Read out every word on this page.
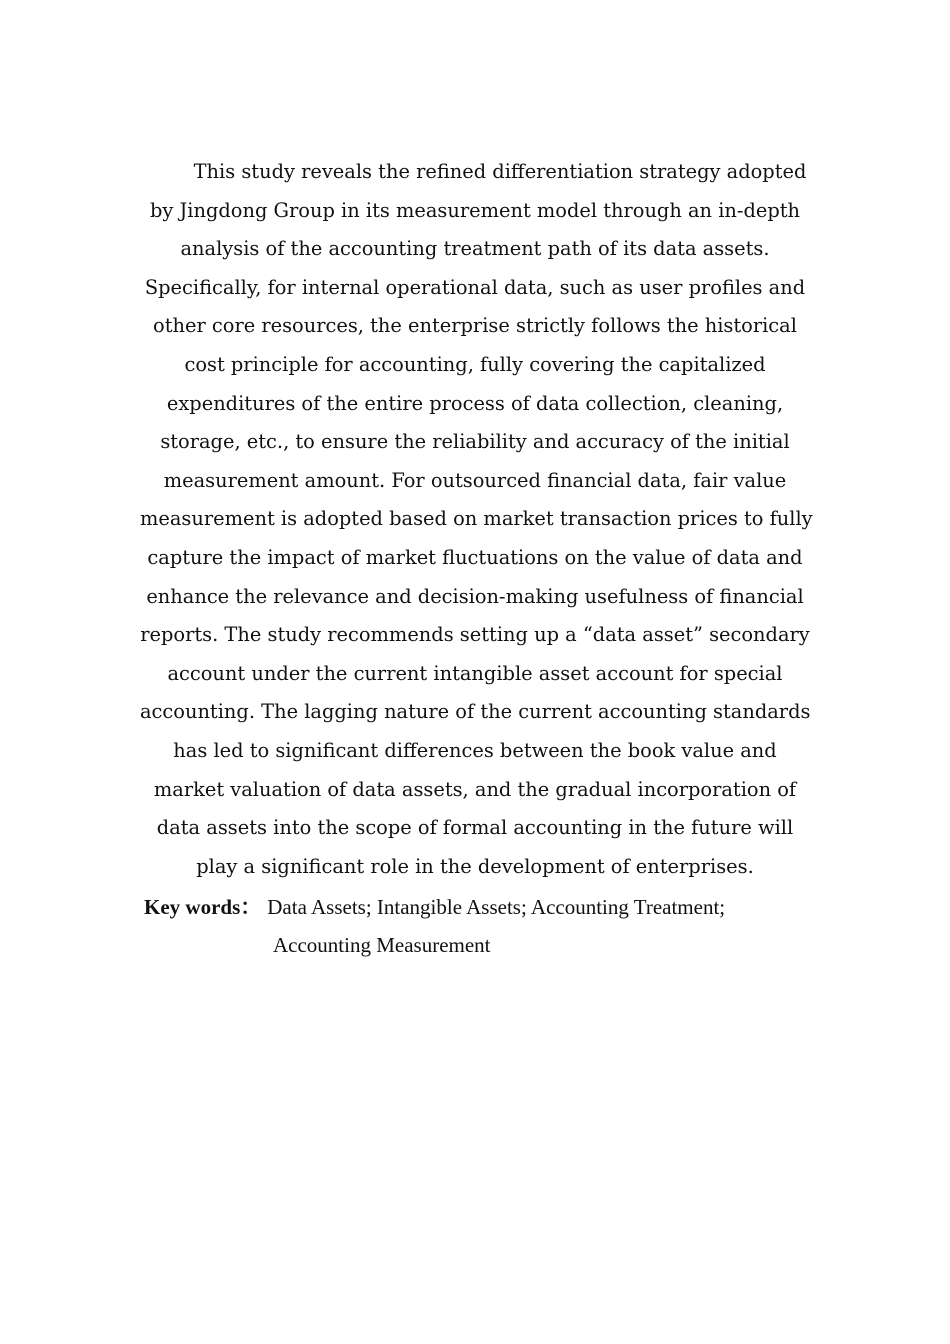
This study reveals the refined differentiation strategy adopted
by Jingdong Group in its measurement model through an in-depth
analysis of the accounting treatment path of its data assets.
Specifically, for internal operational data, such as user profiles and
other core resources, the enterprise strictly follows the historical
cost principle for accounting, fully covering the capitalized
expenditures of the entire process of data collection, cleaning,
storage, etc., to ensure the reliability and accuracy of the initial
measurement amount. For outsourced financial data, fair value
measurement is adopted based on market transaction prices to fully
capture the impact of market fluctuations on the value of data and
enhance the relevance and decision-making usefulness of financial
reports. The study recommends setting up a “data asset” secondary
account under the current intangible asset account for special
accounting. The lagging nature of the current accounting standards
has led to significant differences between the book value and
market valuation of data assets, and the gradual incorporation of
data assets into the scope of formal accounting in the future will
play a significant role in the development of enterprises.
Key words： Data Assets; Intangible Assets; Accounting Treatment;
Accounting Measurement
